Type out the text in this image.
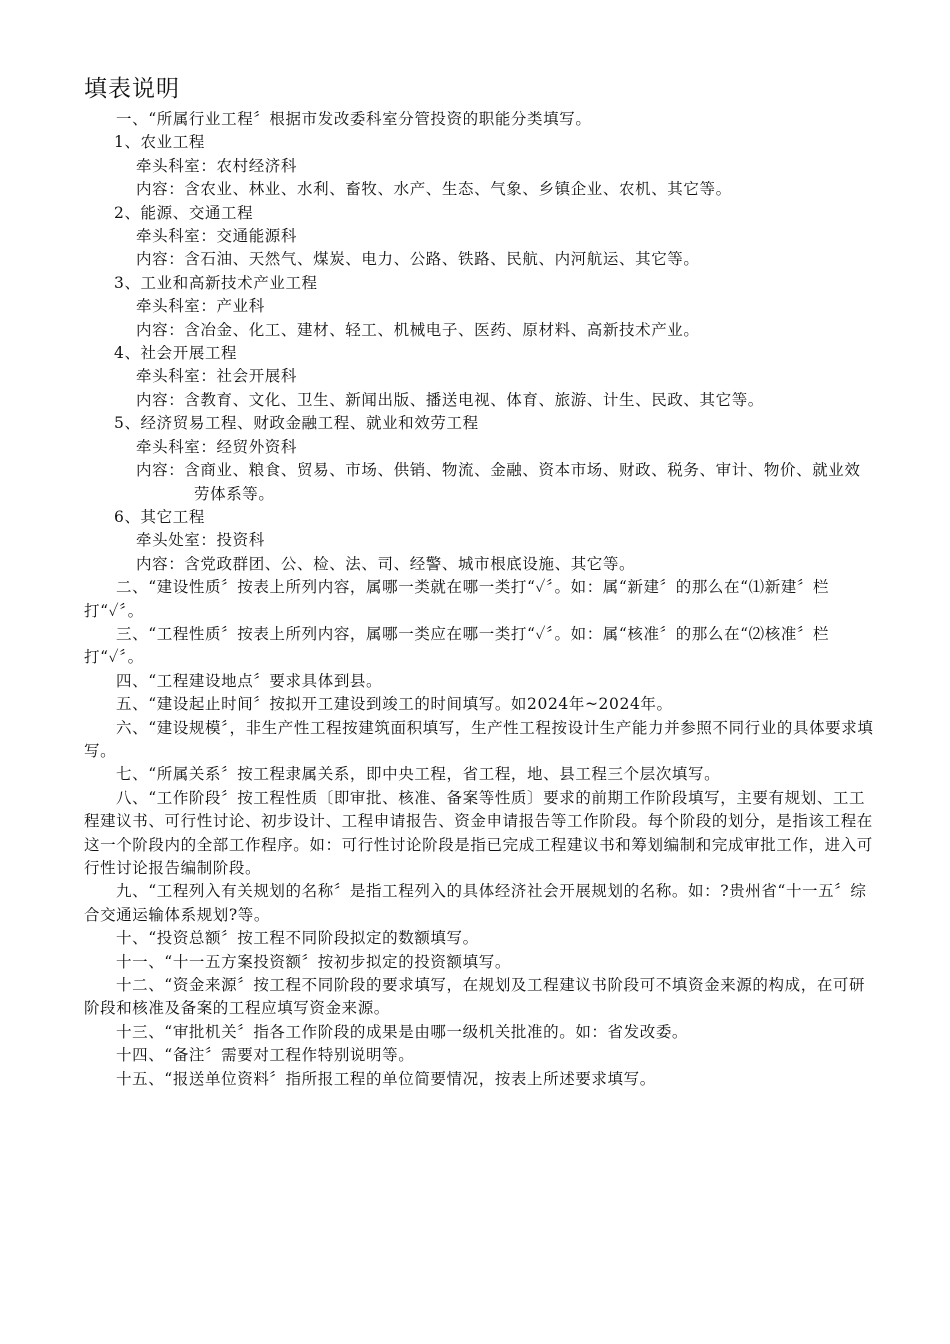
填表说明

一、“所属行业工程〞根据市发改委科室分管投资的职能分类填写。

1、农业工程

牵头科室：农村经济科

内容：含农业、林业、水利、畜牧、水产、生态、气象、乡镇企业、农机、其它等。

2、能源、交通工程

牵头科室：交通能源科

内容：含石油、天然气、煤炭、电力、公路、铁路、民航、内河航运、其它等。

3、工业和高新技术产业工程

牵头科室：产业科

内容：含冶金、化工、建材、轻工、机械电子、医药、原材料、高新技术产业。

4、社会开展工程

牵头科室：社会开展科

内容：含教育、文化、卫生、新闻出版、播送电视、体育、旅游、计生、民政、其它等。

5、经济贸易工程、财政金融工程、就业和效劳工程

牵头科室：经贸外资科

内容：含商业、粮食、贸易、市场、供销、物流、金融、资本市场、财政、税务、审计、物价、就业效劳体系等。

6、其它工程

牵头处室：投资科

内容：含党政群团、公、检、法、司、经警、城市根底设施、其它等。

二、“建设性质〞按表上所列内容，属哪一类就在哪一类打“✓〞。如：属“新建〞的那么在“⑴新建〞栏打“✓〞。

三、“工程性质〞按表上所列内容，属哪一类应在哪一类打“✓〞。如：属“核准〞的那么在“⑵核准〞栏打“✓〞。

四、“工程建设地点〞要求具体到县。

五、“建设起止时间〞按拟开工建设到竣工的时间填写。如2024年~2024年。

六、“建设规模〞，非生产性工程按建筑面积填写，生产性工程按设计生产能力并参照不同行业的具体要求填写。

七、“所属关系〞按工程隶属关系，即中央工程，省工程，地、县工程三个层次填写。

八、“工作阶段〞按工程性质〔即审批、核准、备案等性质〕要求的前期工作阶段填写，主要有规划、工工程建议书、可行性讨论、初步设计、工程申请报告、资金申请报告等工作阶段。每个阶段的划分，是指该工程在这一个阶段内的全部工作程序。如：可行性讨论阶段是指已完成工程建议书和筹划编制和完成审批工作，进入可行性讨论报告编制阶段。

九、“工程列入有关规划的名称〞是指工程列入的具体经济社会开展规划的名称。如：?贵州省“十一五〞综合交通运输体系规划?等。

十、“投资总额〞按工程不同阶段拟定的数额填写。

十一、“十一五方案投资额〞按初步拟定的投资额填写。

十二、“资金来源〞按工程不同阶段的要求填写，在规划及工程建议书阶段可不填资金来源的构成，在可研阶段和核准及备案的工程应填写资金来源。

十三、“审批机关〞指各工作阶段的成果是由哪一级机关批准的。如：省发改委。

十四、“备注〞需要对工程作特别说明等。

十五、“报送单位资料〞指所报工程的单位简要情况，按表上所述要求填写。
